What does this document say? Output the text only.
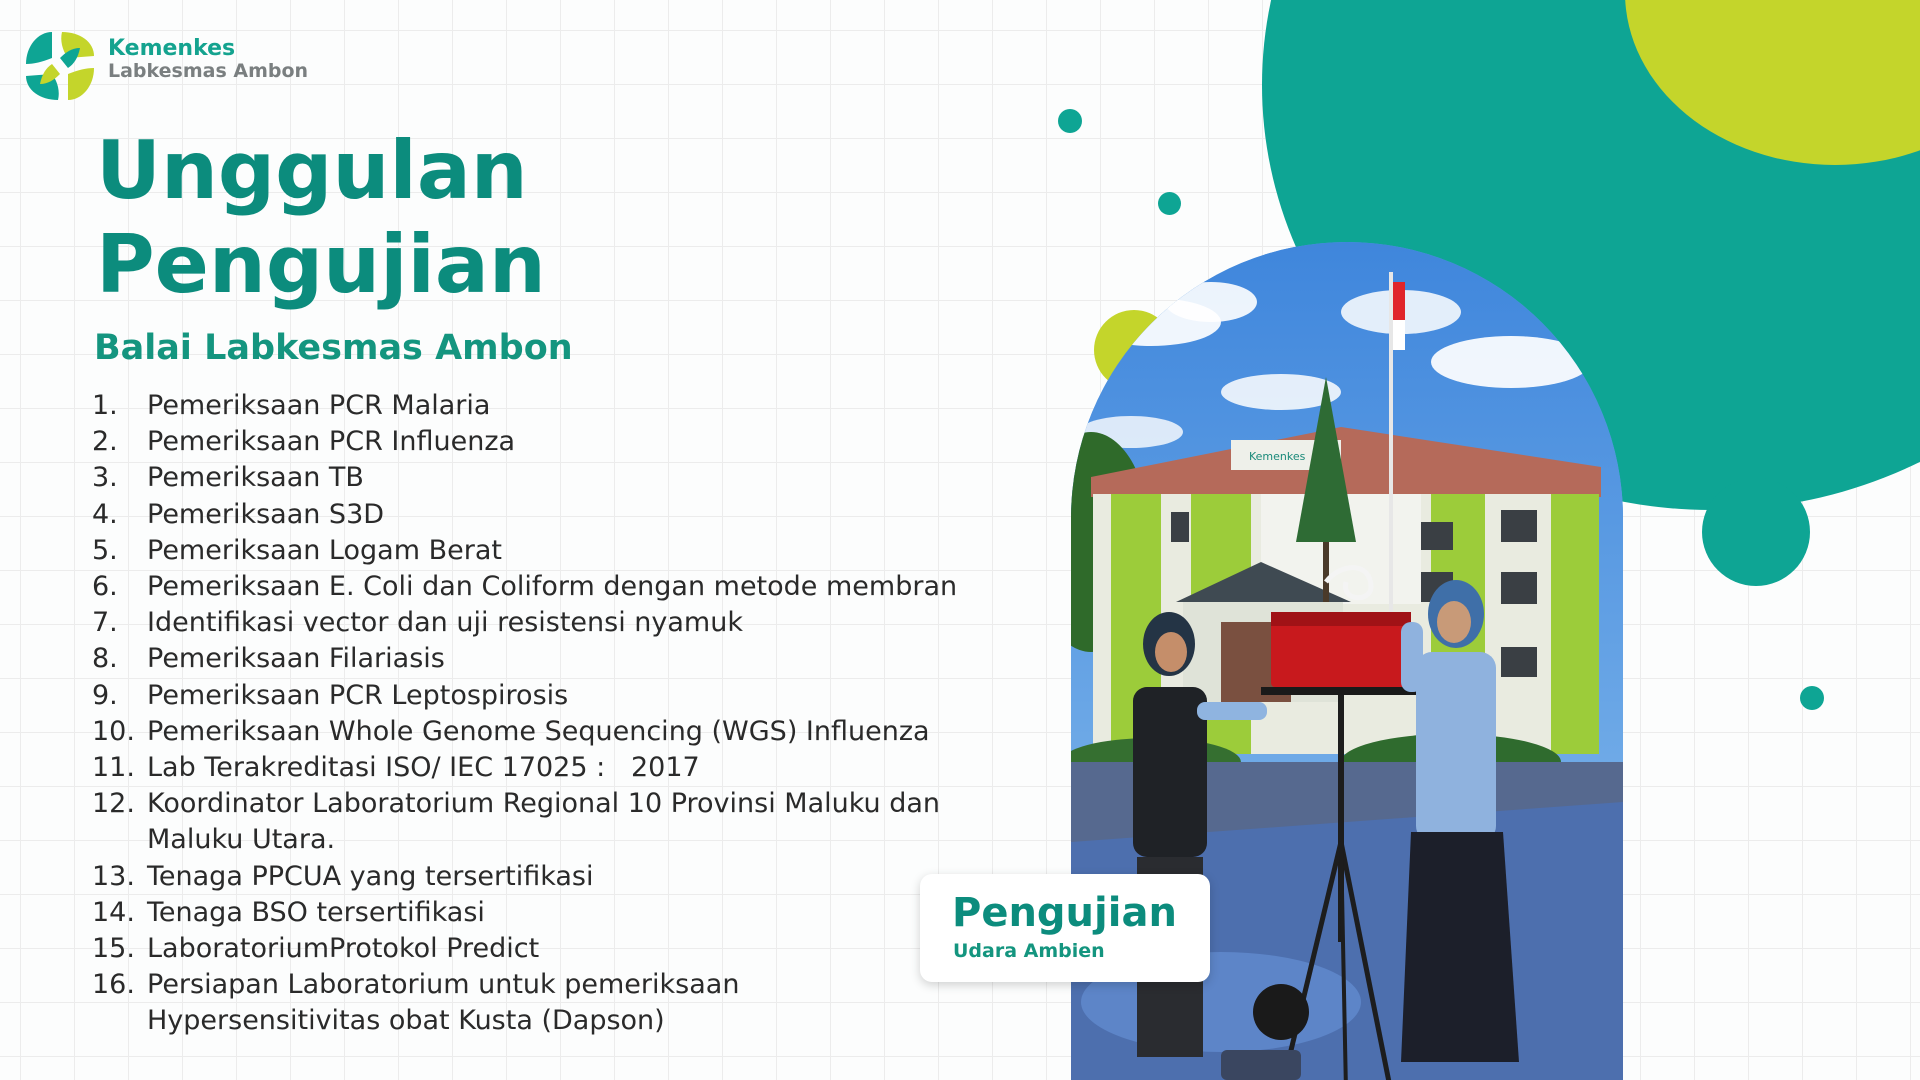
Kemenkes
Labkesmas Ambon
Unggulan
Pengujian
Balai Labkesmas Ambon
1.	Pemeriksaan PCR Malaria
2.	Pemeriksaan PCR Influenza
3.	Pemeriksaan TB
4.	Pemeriksaan S3D
5.	Pemeriksaan Logam Berat
6.	Pemeriksaan E. Coli dan Coliform dengan metode membran
7.	Identifikasi vector dan uji resistensi nyamuk
8.	Pemeriksaan Filariasis
9.	Pemeriksaan PCR Leptospirosis
10. Pemeriksaan Whole Genome Sequencing (WGS) Influenza
11. Lab Terakreditasi ISO/ IEC 17025 :   2017
12. Koordinator Laboratorium Regional 10 Provinsi Maluku dan Maluku Utara.
13. Tenaga PPCUA yang tersertifikasi
14. Tenaga BSO tersertifikasi
15. LaboratoriumProtokol Predict
16. Persiapan Laboratorium untuk pemeriksaan Hypersensitivitas obat Kusta (Dapson)
Kemenkes
Pengujian
Udara Ambien
